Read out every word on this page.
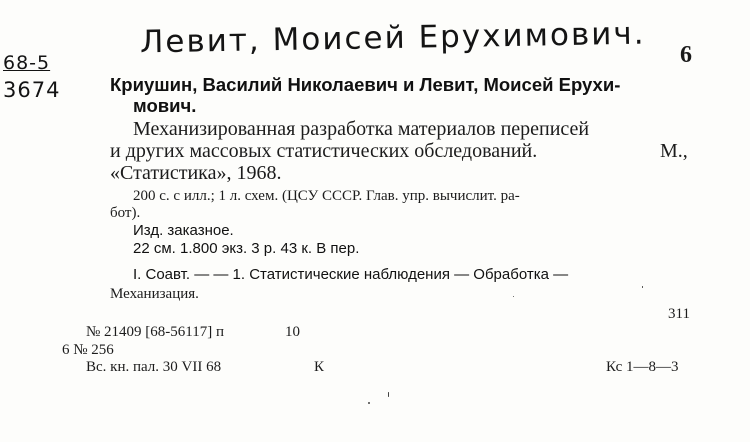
Левит, Моисей Ерухимович.
68-5
3674
6
Криушин, Василий Николаевич и Левит, Моисей Ерухи-
мович.
Механизированная разработка материалов переписей
и других массовых статистических обследований.	М.,
«Статистика», 1968.
200 с. с илл.; 1 л. схем. (ЦСУ СССР. Глав. упр. вычислит. ра-
бот).
Изд. заказное.
22 см. 1.800 экз. 3 р. 43 к. В пер.
I. Соавт. — — 1. Статистические наблюдения — Обработка —
Механизация.
311
№ 21409 [68-56117] п	10
6 № 256
Вс. кн. пал. 30 VII 68	К	Кс 1—8—3
